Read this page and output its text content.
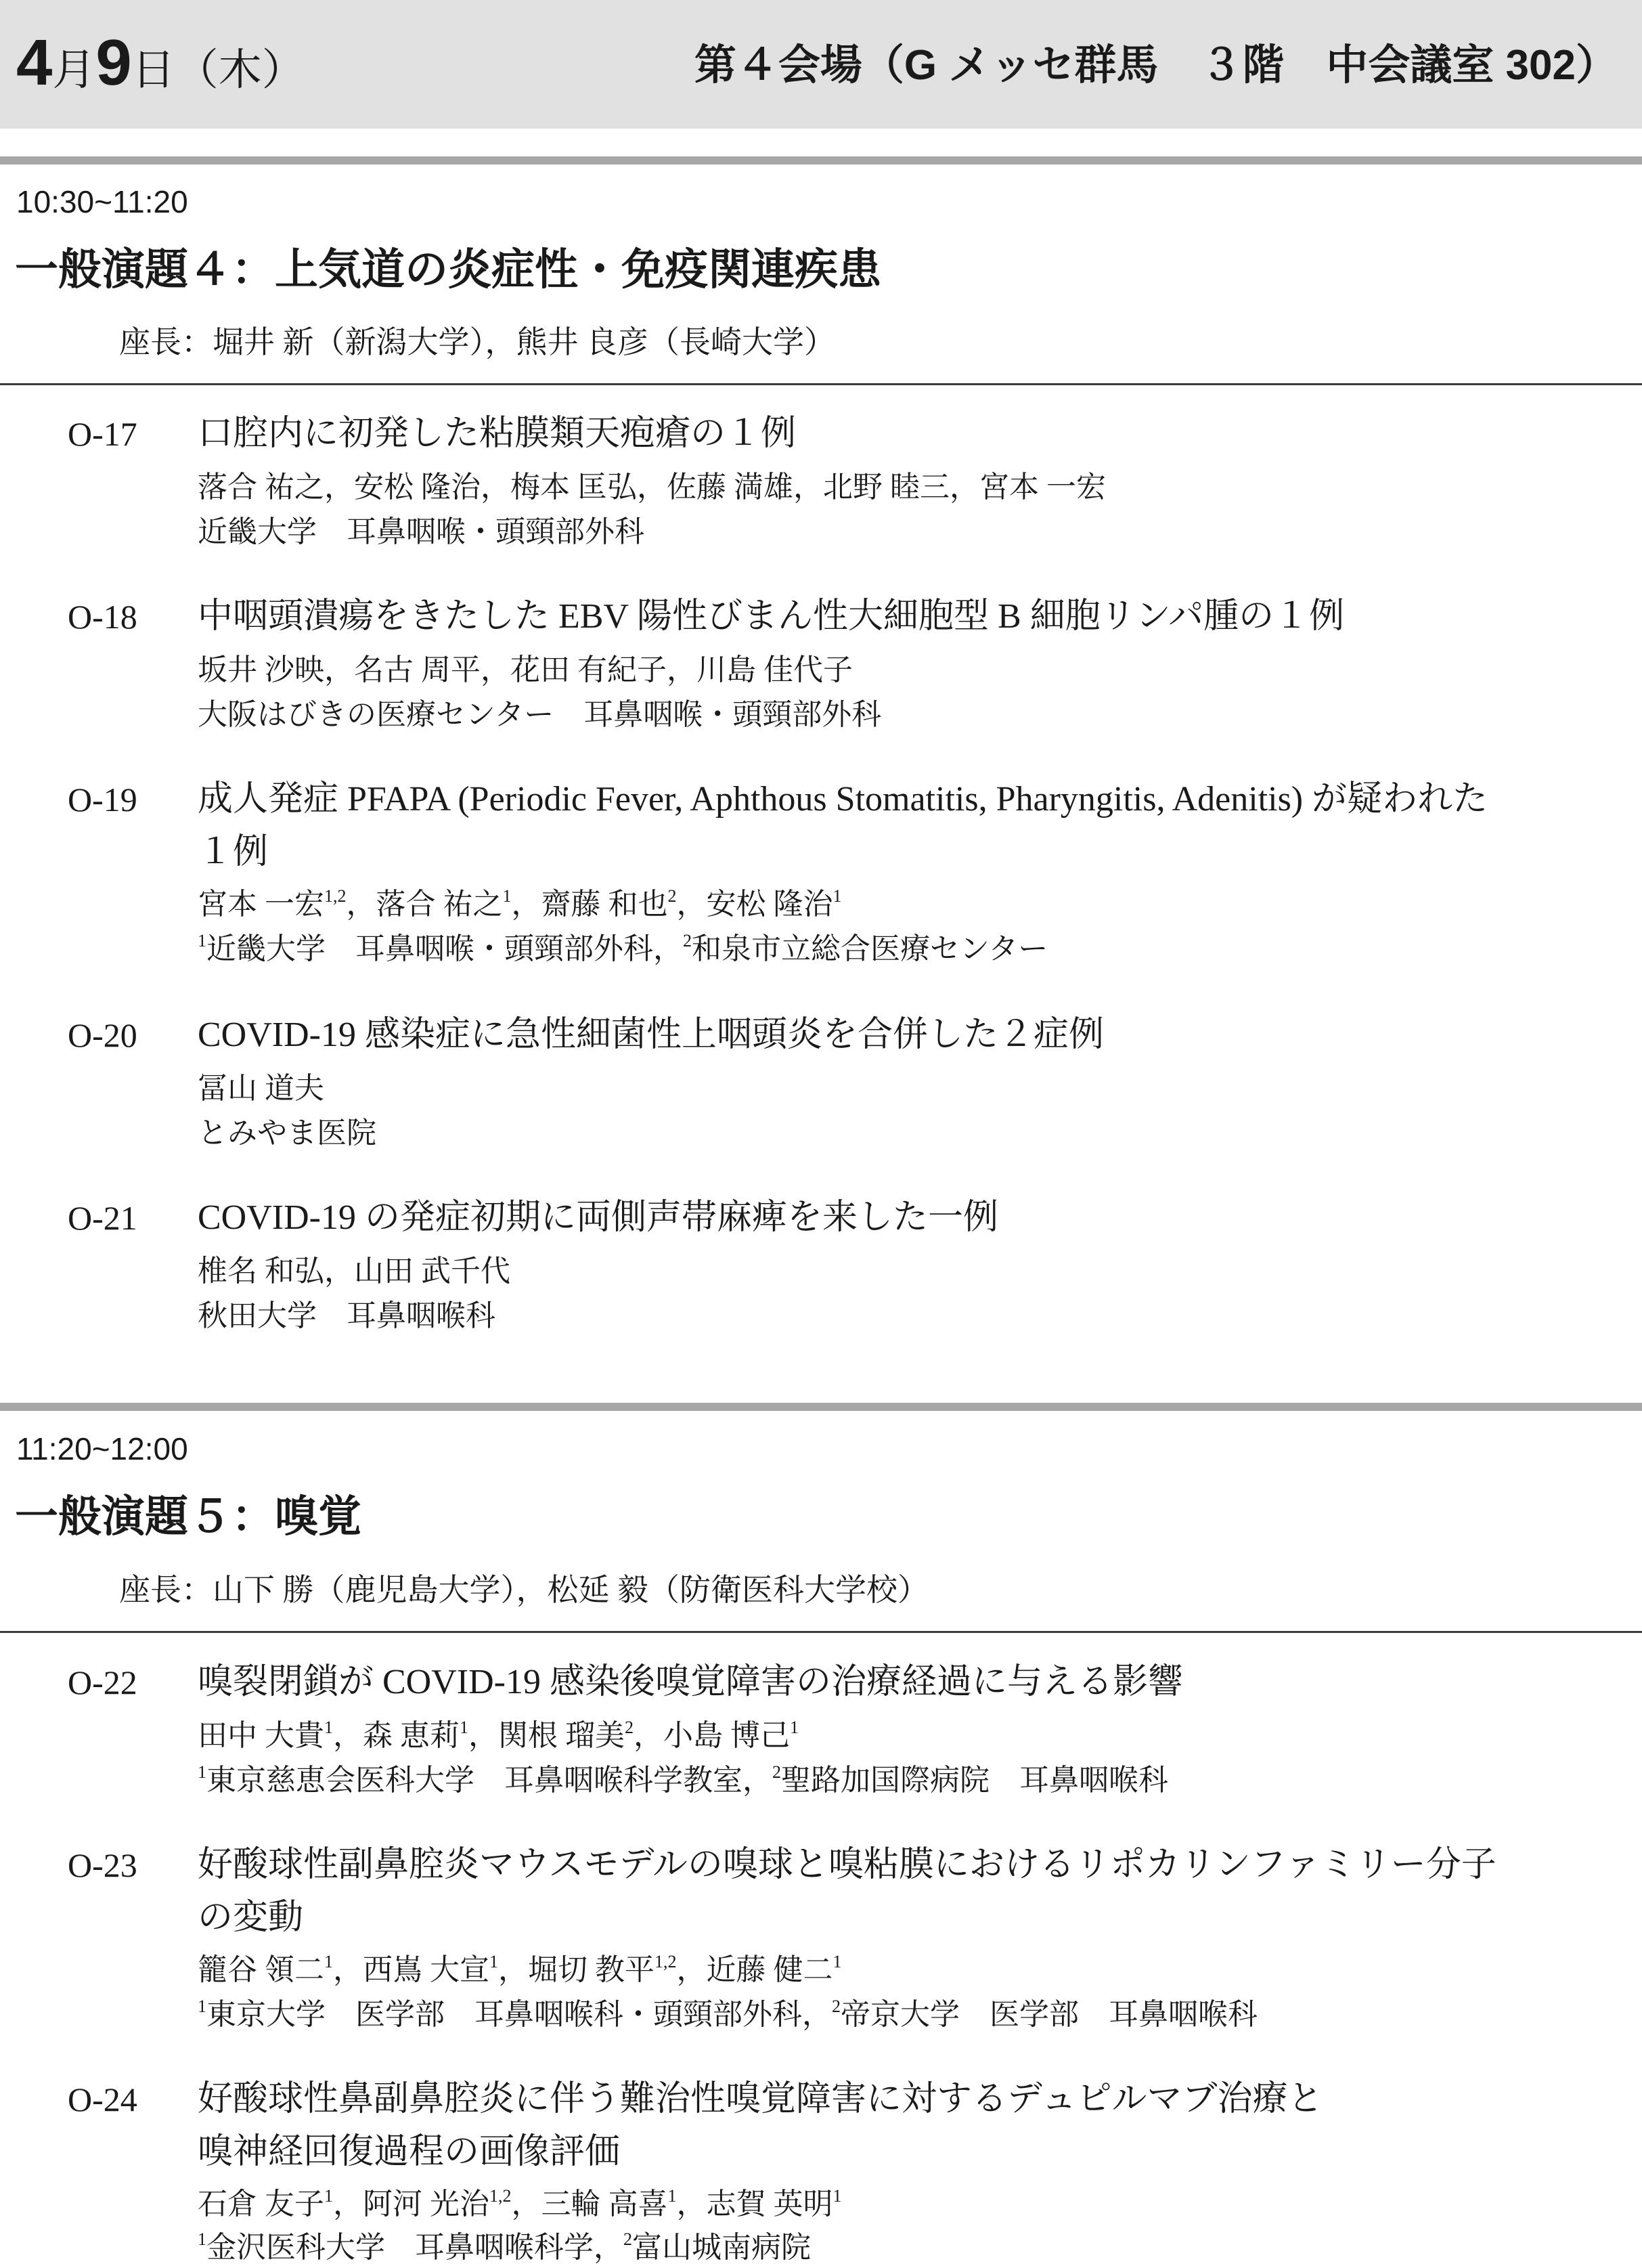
4月9日（木）	第４会場（G メッセ群馬　３階　中会議室 302）
10:30~11:20
一般演題４：上気道の炎症性・免疫関連疾患
座長：堀井 新（新潟大学），熊井 良彦（長崎大学）
O-17 口腔内に初発した粘膜類天疱瘡の１例
落合 祐之，安松 隆治，梅本 匡弘，佐藤 満雄，北野 睦三，宮本 一宏
近畿大学　耳鼻咽喉・頭頸部外科
O-18 中咽頭潰瘍をきたした EBV 陽性びまん性大細胞型 B 細胞リンパ腫の１例
坂井 沙映，名古 周平，花田 有紀子，川島 佳代子
大阪はびきの医療センター　耳鼻咽喉・頭頸部外科
O-19 成人発症 PFAPA (Periodic Fever, Aphthous Stomatitis, Pharyngitis, Adenitis) が疑われた
１例
宮本 一宏$^{1,2}$，落合 祐之$^1$，齋藤 和也$^2$，安松 隆治$^1$
$^1$近畿大学　耳鼻咽喉・頭頸部外科，$^2$和泉市立総合医療センター
O-20 COVID-19 感染症に急性細菌性上咽頭炎を合併した２症例
冨山 道夫
とみやま医院
O-21 COVID-19 の発症初期に両側声帯麻痺を来した一例
椎名 和弘，山田 武千代
秋田大学　耳鼻咽喉科
11:20~12:00
一般演題５：嗅覚
座長：山下 勝（鹿児島大学），松延 毅（防衛医科大学校）
O-22 嗅裂閉鎖が COVID-19 感染後嗅覚障害の治療経過に与える影響
田中 大貴$^1$，森 恵莉$^1$，関根 瑠美$^2$，小島 博己$^1$
$^1$東京慈恵会医科大学　耳鼻咽喉科学教室，$^2$聖路加国際病院　耳鼻咽喉科
O-23 好酸球性副鼻腔炎マウスモデルの嗅球と嗅粘膜におけるリポカリンファミリー分子
の変動
籠谷 領二$^1$，西嶌 大宣$^1$，堀切 教平$^{1,2}$，近藤 健二$^1$
$^1$東京大学　医学部　耳鼻咽喉科・頭頸部外科，$^2$帝京大学　医学部　耳鼻咽喉科
O-24 好酸球性鼻副鼻腔炎に伴う難治性嗅覚障害に対するデュピルマブ治療と
嗅神経回復過程の画像評価
石倉 友子$^1$，阿河 光治$^{1,2}$，三輪 高喜$^1$，志賀 英明$^1$
$^1$金沢医科大学　耳鼻咽喉科学，$^2$富山城南病院
